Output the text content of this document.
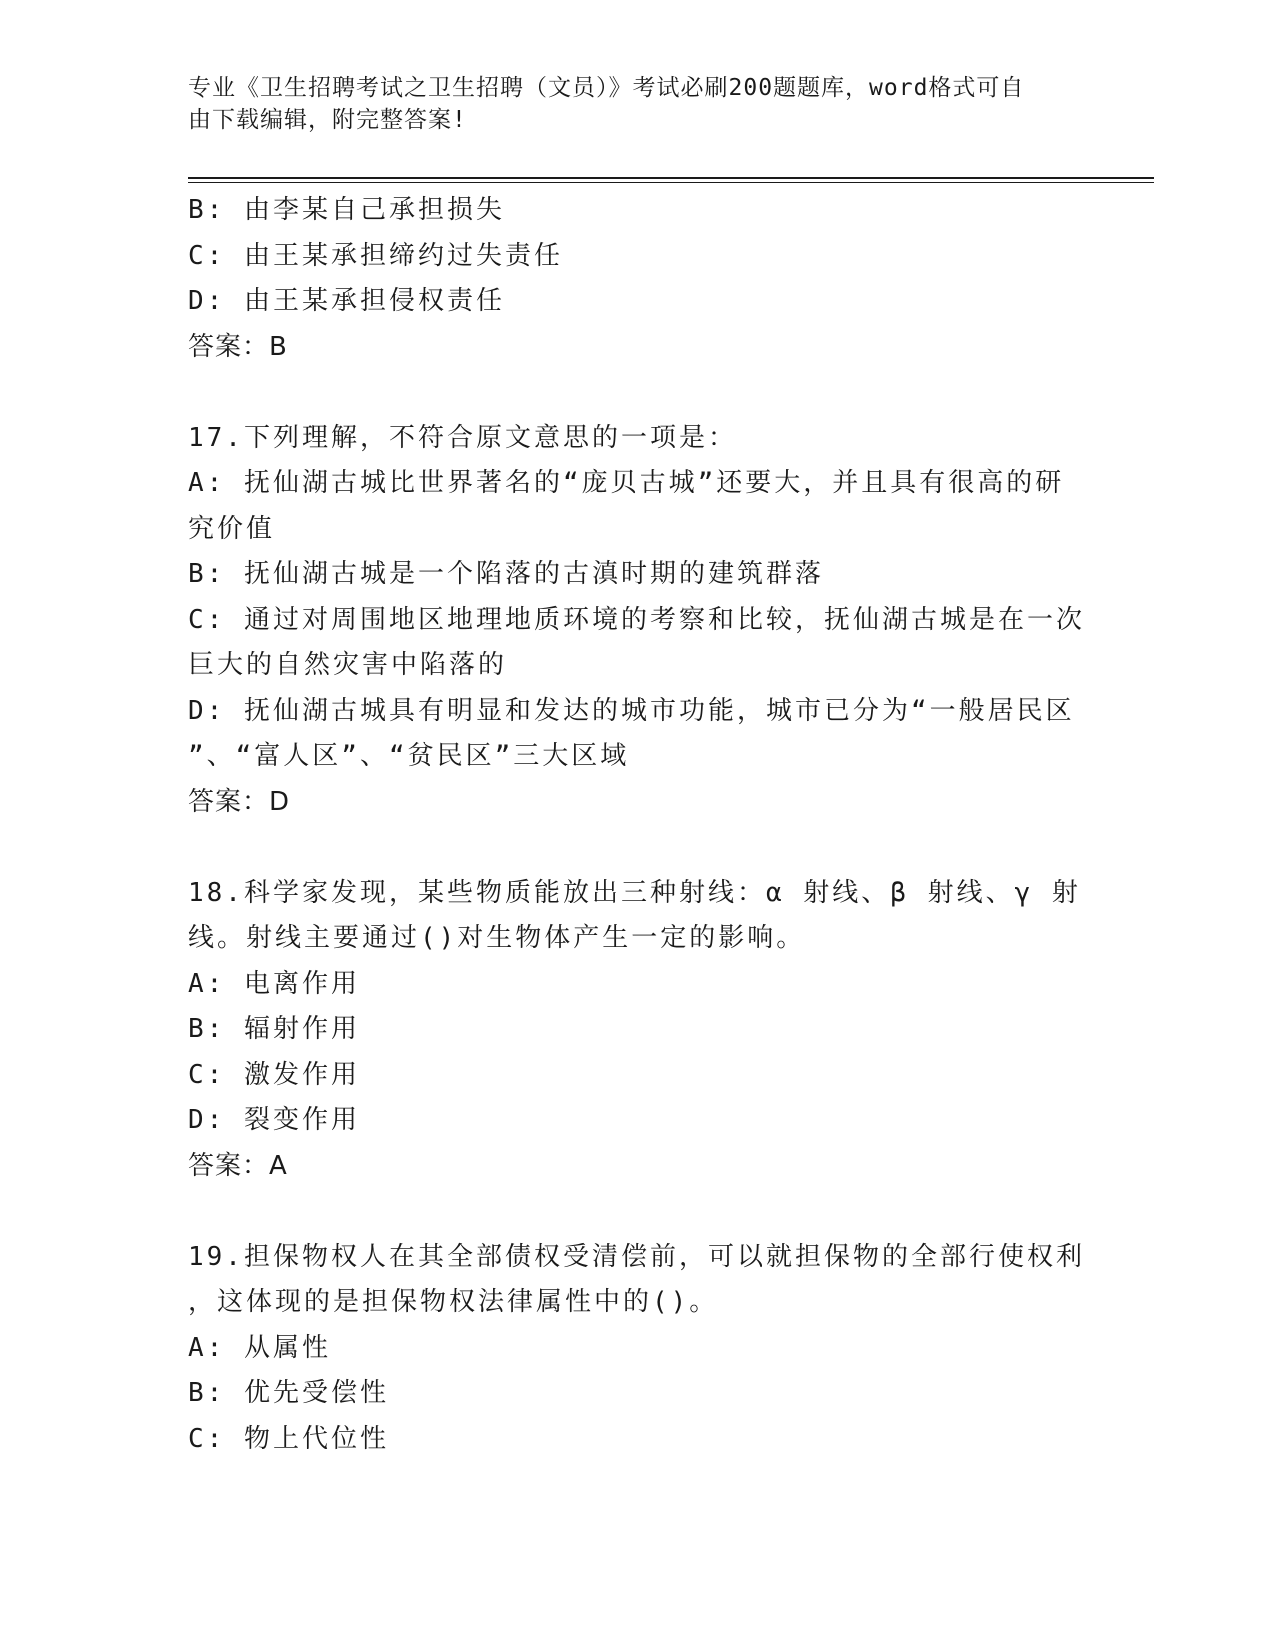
专业《卫生招聘考试之卫生招聘（文员）》考试必刷200题题库，word格式可自
由下载编辑，附完整答案!
B: 由李某自己承担损失
C: 由王某承担缔约过失责任
D: 由王某承担侵权责任
答案：B
17.下列理解，不符合原文意思的一项是：
A: 抚仙湖古城比世界著名的“庞贝古城”还要大，并且具有很高的研
究价值
B: 抚仙湖古城是一个陷落的古滇时期的建筑群落
C: 通过对周围地区地理地质环境的考察和比较，抚仙湖古城是在一次
巨大的自然灾害中陷落的
D: 抚仙湖古城具有明显和发达的城市功能，城市已分为“一般居民区
”、“富人区”、“贫民区”三大区域
答案：D
18.科学家发现，某些物质能放出三种射线：α 射线、β 射线、γ 射
线。射线主要通过()对生物体产生一定的影响。
A: 电离作用
B: 辐射作用
C: 激发作用
D: 裂变作用
答案：A
19.担保物权人在其全部债权受清偿前，可以就担保物的全部行使权利
，这体现的是担保物权法律属性中的()。
A: 从属性
B: 优先受偿性
C: 物上代位性
